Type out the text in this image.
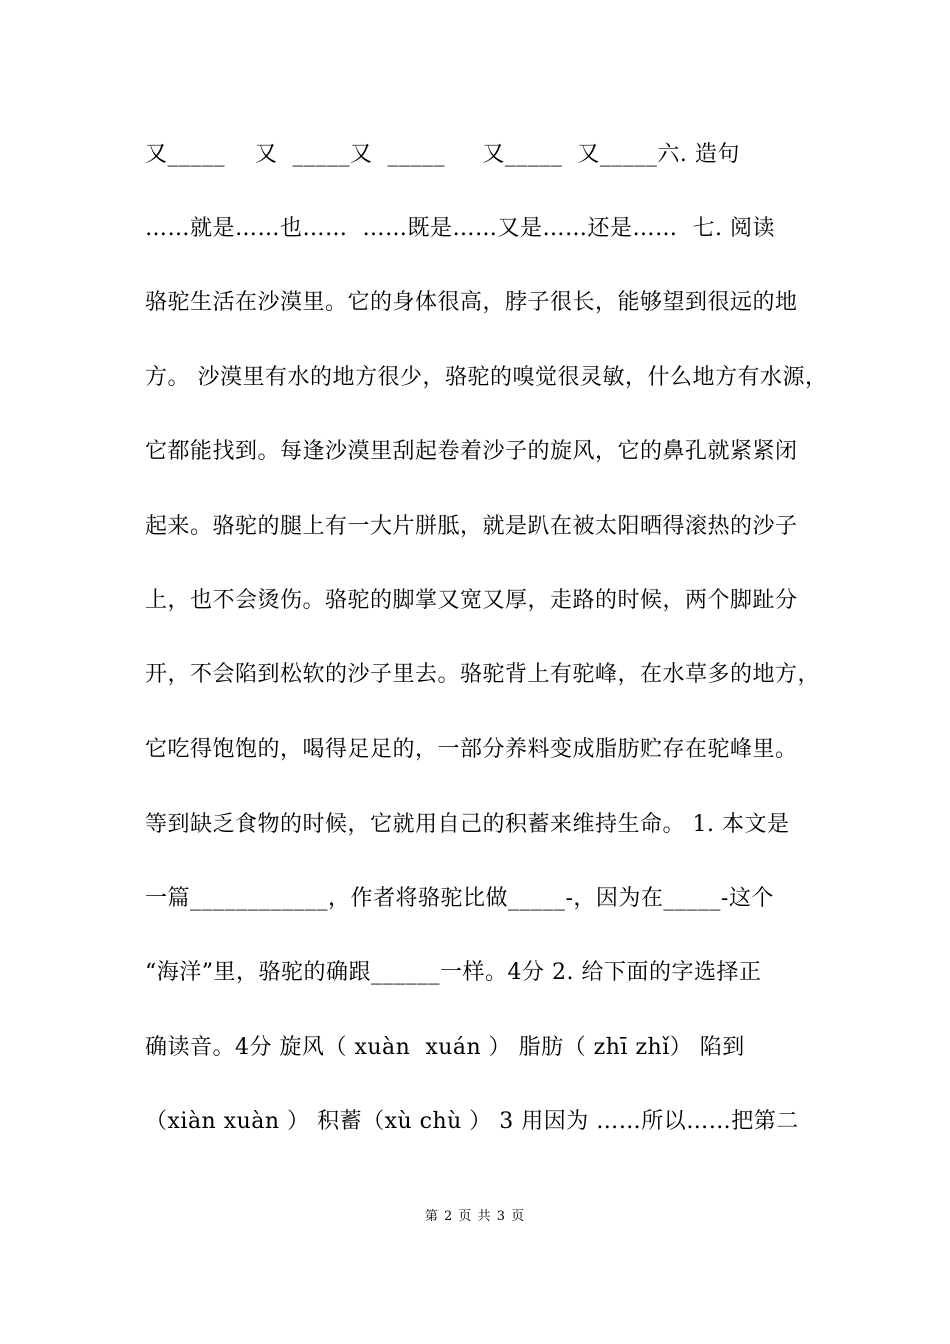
又_____    又  _____又  _____     又_____  又_____六. 造句
……就是……也……  ……既是……又是……还是……  七. 阅读
骆驼生活在沙漠里。它的身体很高，脖子很长，能够望到很远的地
方。 沙漠里有水的地方很少，骆驼的嗅觉很灵敏，什么地方有水源，
它都能找到。每逢沙漠里刮起卷着沙子的旋风，它的鼻孔就紧紧闭
起来。骆驼的腿上有一大片胼胝，就是趴在被太阳晒得滚热的沙子
上，也不会烫伤。骆驼的脚掌又宽又厚，走路的时候，两个脚趾分
开，不会陷到松软的沙子里去。骆驼背上有驼峰，在水草多的地方，
它吃得饱饱的，喝得足足的，一部分养料变成脂肪贮存在驼峰里。
等到缺乏食物的时候，它就用自己的积蓄来维持生命。 1. 本文是
一篇____________，作者将骆驼比做_____-，因为在_____-这个
“海洋”里，骆驼的确跟______一样。4分 2. 给下面的字选择正
确读音。4分 旋风（ xuàn  xuán ） 脂肪（ zhī zhǐ） 陷到
（xiàn xuàn ） 积蓄（xù chù ） 3 用因为 ……所以……把第二
第 2 页 共 3 页
